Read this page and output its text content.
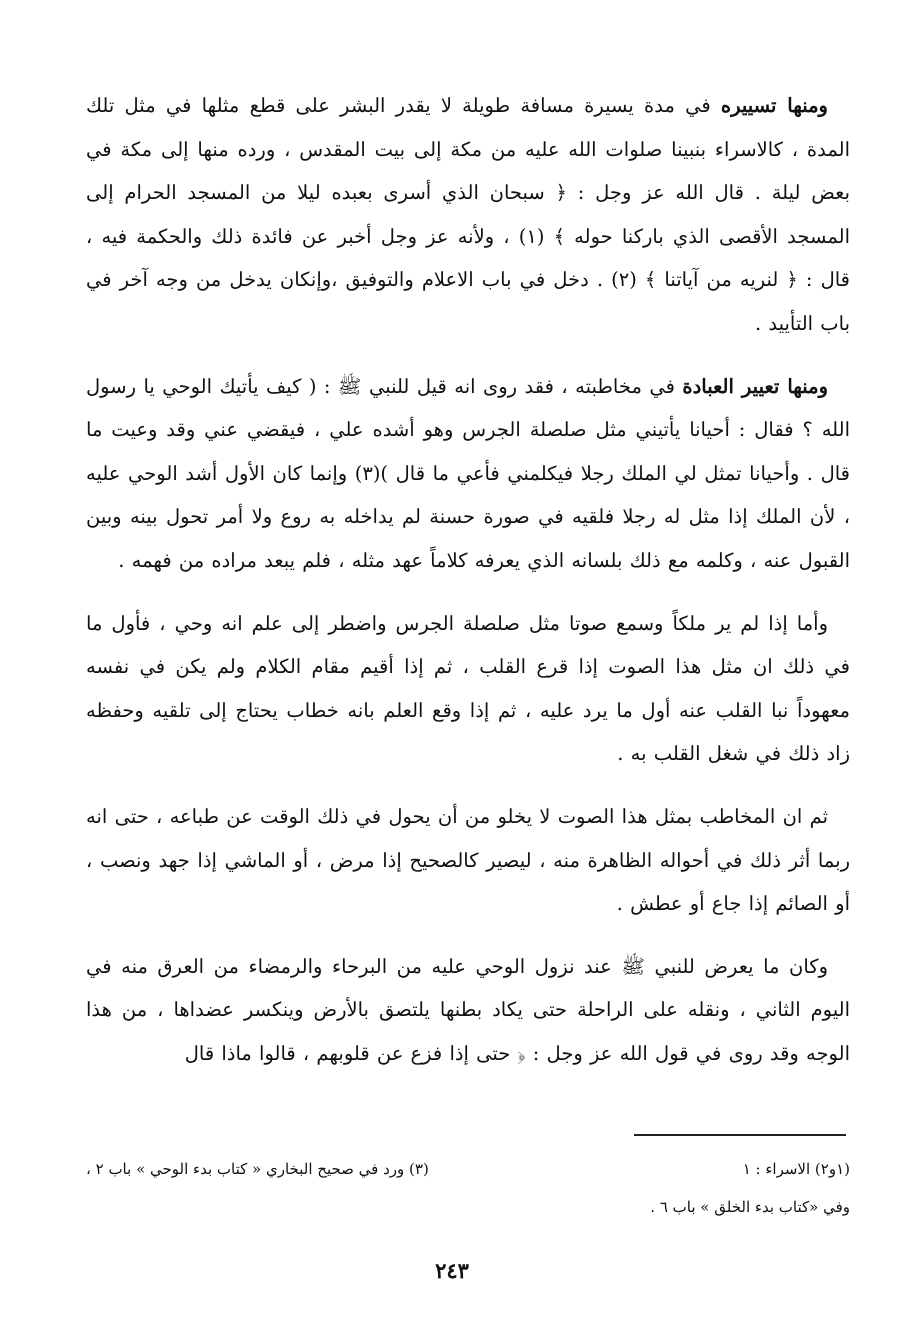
ومنها تسييره في مدة يسيرة مسافة طويلة لا يقدر البشر على قطع مثلها في مثل تلك المدة ، كالاسراء بنبينا صلوات الله عليه من مكة إلى بيت المقدس ، ورده منها إلى مكة في بعض ليلة . قال الله عز وجل : ﴿ سبحان الذي أسرى بعبده ليلا من المسجد الحرام إلى المسجد الأقصى الذي باركنا حوله ﴾ (١) ، ولأنه عز وجل أخبر عن فائدة ذلك والحكمة فيه ، قال : ﴿ لنريه من آياتنا ﴾ (٢) . دخل في باب الاعلام والتوفيق ،وإنكان يدخل من وجه آخر في باب التأييد .

ومنها تعيير العبادة في مخاطبته ، فقد روى انه قيل للنبي ﷺ : ( كيف يأتيك الوحي يا رسول الله ؟ فقال : أحيانا يأتيني مثل صلصلة الجرس وهو أشده علي ، فيقضي عني وقد وعيت ما قال . وأحيانا تمثل لي الملك رجلا فيكلمني فأعي ما قال )(٣) وإنما كان الأول أشد الوحي عليه ، لأن الملك إذا مثل له رجلا فلقيه في صورة حسنة لم يداخله به روع ولا أمر تحول بينه وبين القبول عنه ، وكلمه مع ذلك بلسانه الذي يعرفه كلاماً عهد مثله ، فلم يبعد مراده من فهمه .

وأما إذا لم ير ملكاً وسمع صوتا مثل صلصلة الجرس واضطر إلى علم انه وحي ، فأول ما في ذلك ان مثل هذا الصوت إذا قرع القلب ، ثم إذا أقيم مقام الكلام ولم يكن في نفسه معهوداً نبا القلب عنه أول ما يرد عليه ، ثم إذا وقع العلم بانه خطاب يحتاج إلى تلقيه وحفظه زاد ذلك في شغل القلب به .

ثم ان المخاطب بمثل هذا الصوت لا يخلو من أن يحول في ذلك الوقت عن طباعه ، حتى انه ربما أثر ذلك في أحواله الظاهرة منه ، ليصير كالصحيح إذا مرض ، أو الماشي إذا جهد ونصب ، أو الصائم إذا جاع أو عطش .

وكان ما يعرض للنبي ﷺ عند نزول الوحي عليه من البرحاء والرمضاء من العرق منه في اليوم الثاني ، ونقله على الراحلة حتى يكاد بطنها يلتصق بالأرض وينكسر عضداها ، من هذا الوجه وقد روى في قول الله عز وجل : ﴿ حتى إذا فزع عن قلوبهم ، قالوا ماذا قال

(١و٢) الاسراء : ١
(٣) ورد في صحيح البخاري « كتاب بدء الوحي » باب ٢ ،
وفي «كتاب بدء الخلق » باب ٦ .
٢٤٣
